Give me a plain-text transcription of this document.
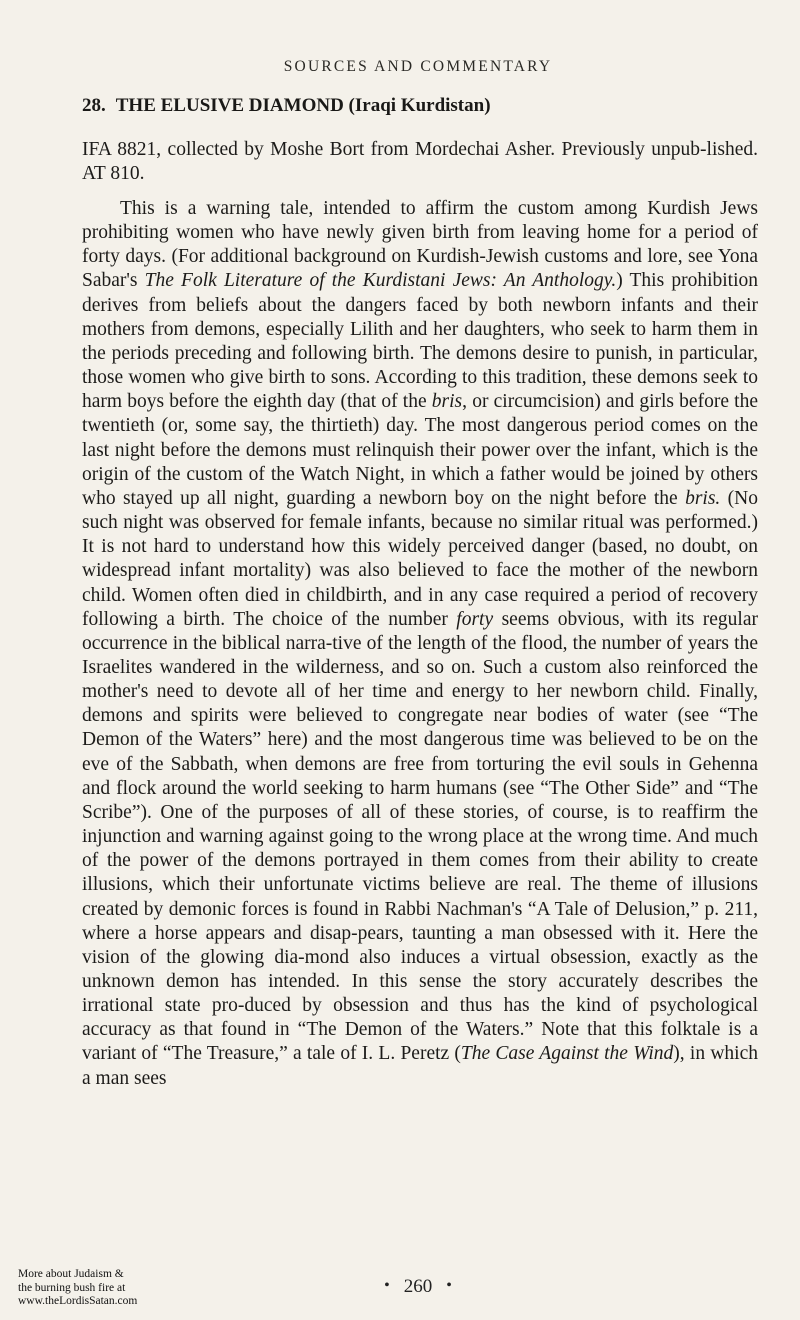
SOURCES AND COMMENTARY
28. THE ELUSIVE DIAMOND (Iraqi Kurdistan)
IFA 8821, collected by Moshe Bort from Mordechai Asher. Previously unpub-lished. AT 810.

This is a warning tale, intended to affirm the custom among Kurdish Jews prohibiting women who have newly given birth from leaving home for a period of forty days. (For additional background on Kurdish-Jewish customs and lore, see Yona Sabar's The Folk Literature of the Kurdistani Jews: An Anthology.) This prohibition derives from beliefs about the dangers faced by both newborn infants and their mothers from demons, especially Lilith and her daughters, who seek to harm them in the periods preceding and following birth. The demons desire to punish, in particular, those women who give birth to sons. According to this tradition, these demons seek to harm boys before the eighth day (that of the bris, or circumcision) and girls before the twentieth (or, some say, the thirtieth) day. The most dangerous period comes on the last night before the demons must relinquish their power over the infant, which is the origin of the custom of the Watch Night, in which a father would be joined by others who stayed up all night, guarding a newborn boy on the night before the bris. (No such night was observed for female infants, because no similar ritual was performed.) It is not hard to understand how this widely perceived danger (based, no doubt, on widespread infant mortality) was also believed to face the mother of the newborn child. Women often died in childbirth, and in any case required a period of recovery following a birth. The choice of the number forty seems obvious, with its regular occurrence in the biblical narra-tive of the length of the flood, the number of years the Israelites wandered in the wilderness, and so on. Such a custom also reinforced the mother's need to devote all of her time and energy to her newborn child. Finally, demons and spirits were believed to congregate near bodies of water (see “The Demon of the Waters” here) and the most dangerous time was believed to be on the eve of the Sabbath, when demons are free from torturing the evil souls in Gehenna and flock around the world seeking to harm humans (see “The Other Side” and “The Scribe”). One of the purposes of all of these stories, of course, is to reaffirm the injunction and warning against going to the wrong place at the wrong time. And much of the power of the demons portrayed in them comes from their ability to create illusions, which their unfortunate victims believe are real. The theme of illusions created by demonic forces is found in Rabbi Nachman's “A Tale of Delusion,” p. 211, where a horse appears and disap-pears, taunting a man obsessed with it. Here the vision of the glowing dia-mond also induces a virtual obsession, exactly as the unknown demon has intended. In this sense the story accurately describes the irrational state pro-duced by obsession and thus has the kind of psychological accuracy as that found in “The Demon of the Waters.” Note that this folktale is a variant of “The Treasure,” a tale of I. L. Peretz (The Case Against the Wind), in which a man sees

• 260 •
More about Judaism &
the burning bush fire at
www.theLordisSatan.com
